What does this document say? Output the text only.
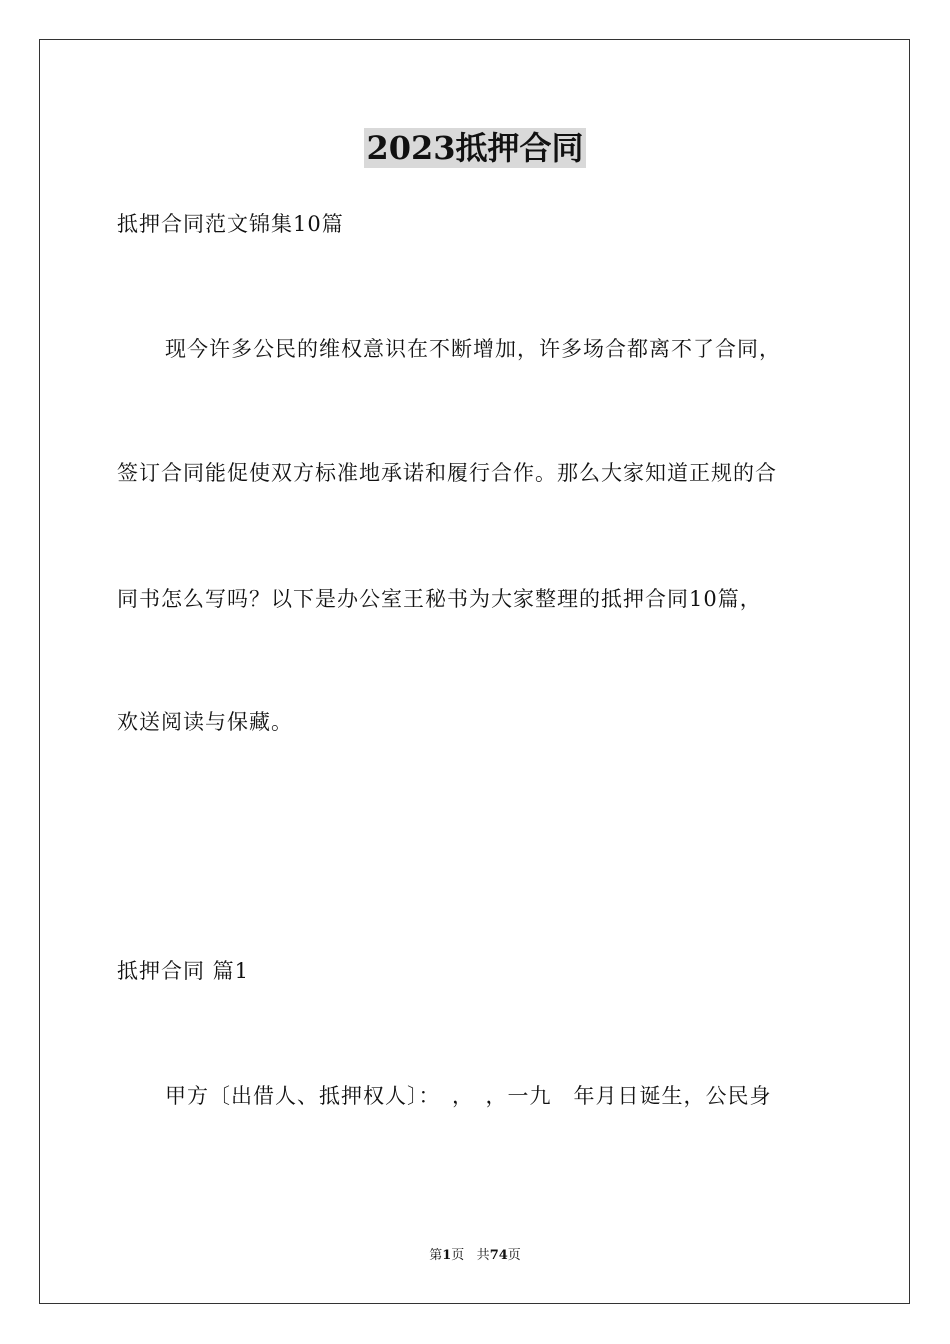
2023抵押合同
抵押合同范文锦集10篇
现今许多公民的维权意识在不断增加，许多场合都离不了合同，
签订合同能促使双方标准地承诺和履行合作。那么大家知道正规的合
同书怎么写吗？以下是办公室王秘书为大家整理的抵押合同10篇，
欢送阅读与保藏。
抵押合同 篇1
甲方〔出借人、抵押权人〕：　，　，一九　年月日诞生，公民身
第1页 共74页
